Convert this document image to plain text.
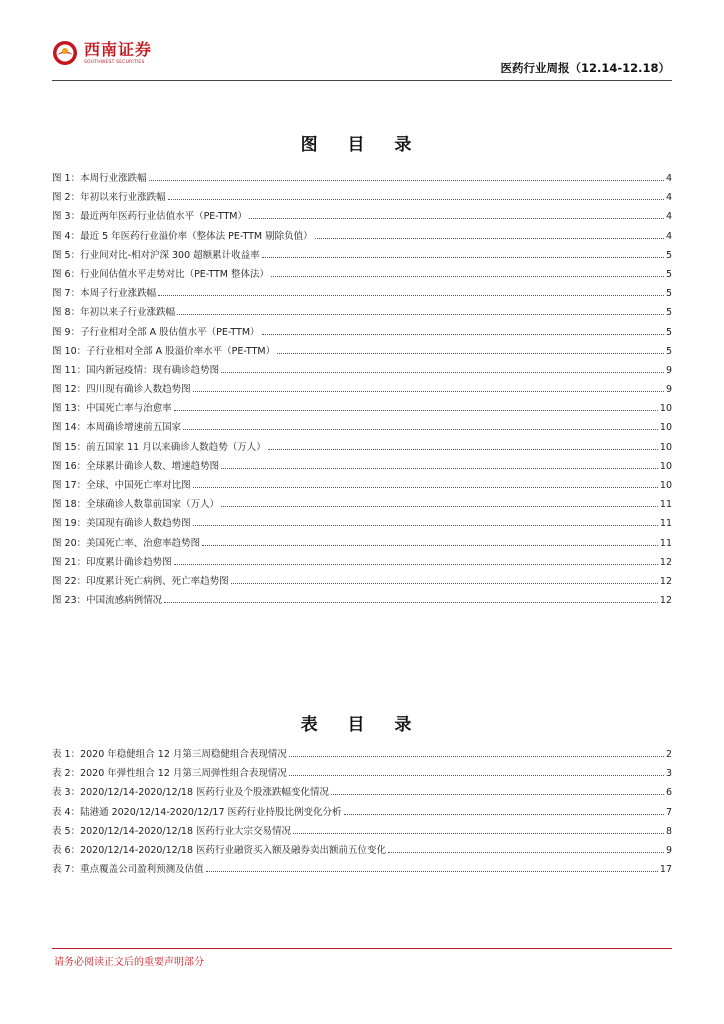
西南证券
SOUTHWEST SECURITIES	医药行业周报（12.14-12.18）
图 目 录
图 1：本周行业涨跌幅	4
图 2：年初以来行业涨跌幅	4
图 3：最近两年医药行业估值水平（PE-TTM）	4
图 4：最近 5 年医药行业溢价率（整体法 PE-TTM 剔除负值）	4
图 5：行业间对比-相对沪深 300 超额累计收益率	5
图 6：行业间估值水平走势对比（PE-TTM 整体法）	5
图 7：本周子行业涨跌幅	5
图 8：年初以来子行业涨跌幅	5
图 9：子行业相对全部 A 股估值水平（PE-TTM）	5
图 10：子行业相对全部 A 股溢价率水平（PE-TTM）	5
图 11：国内新冠疫情：现有确诊趋势图	9
图 12：四川现有确诊人数趋势图	9
图 13：中国死亡率与治愈率	10
图 14：本周确诊增速前五国家	10
图 15：前五国家 11 月以来确诊人数趋势（万人）	10
图 16：全球累计确诊人数、增速趋势图	10
图 17：全球、中国死亡率对比图	10
图 18：全球确诊人数靠前国家（万人）	11
图 19：美国现有确诊人数趋势图	11
图 20：美国死亡率、治愈率趋势图	11
图 21：印度累计确诊趋势图	12
图 22：印度累计死亡病例、死亡率趋势图	12
图 23：中国流感病例情况	12
表 目 录
表 1：2020 年稳健组合 12 月第三周稳健组合表现情况	2
表 2：2020 年弹性组合 12 月第三周弹性组合表现情况	3
表 3：2020/12/14-2020/12/18 医药行业及个股涨跌幅变化情况	6
表 4：陆港通 2020/12/14-2020/12/17 医药行业持股比例变化分析	7
表 5：2020/12/14-2020/12/18 医药行业大宗交易情况	8
表 6：2020/12/14-2020/12/18 医药行业融资买入额及融券卖出额前五位变化	9
表 7：重点覆盖公司盈利预测及估值	17
请务必阅读正文后的重要声明部分
